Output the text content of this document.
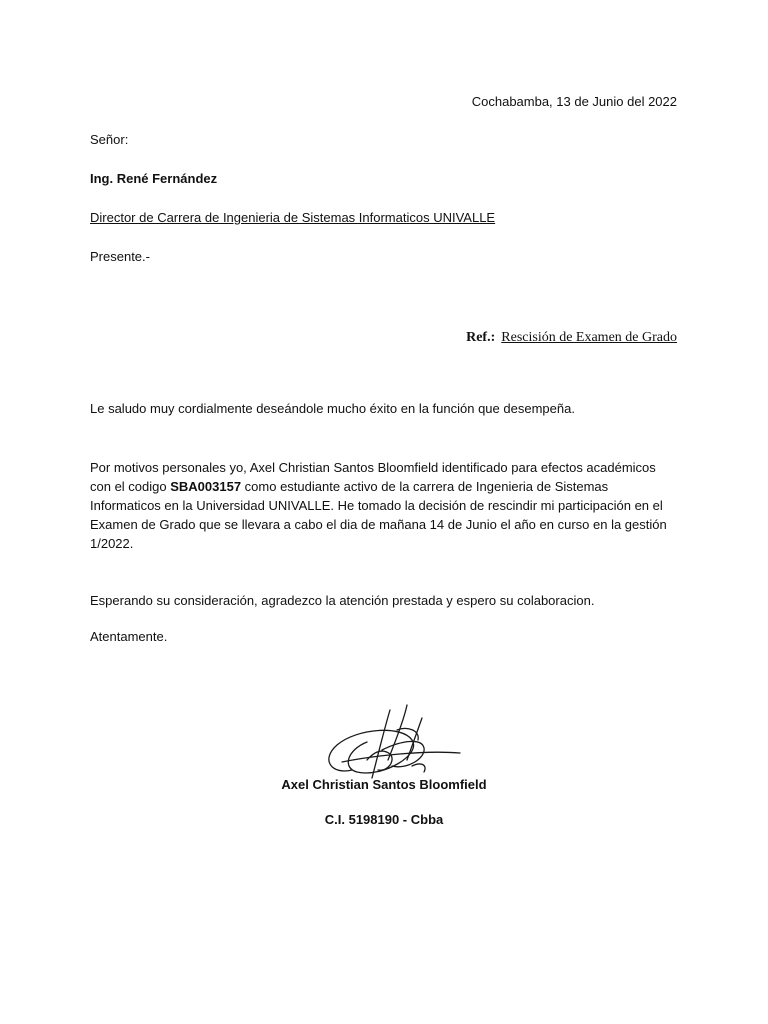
Cochabamba, 13 de Junio del 2022

Señor:

Ing. René Fernández

Director de Carrera de Ingenieria de Sistemas Informaticos UNIVALLE

Presente.-

Ref.: Rescisión de Examen de Grado

Le saludo muy cordialmente deseándole mucho éxito en la función que desempeña.

Por motivos personales yo, Axel Christian Santos Bloomfield identificado para efectos académicos con el codigo SBA003157 como estudiante activo de la carrera de Ingenieria de Sistemas Informaticos en la Universidad UNIVALLE. He tomado la decisión de rescindir mi participación en el Examen de Grado que se llevara a cabo el dia de mañana 14 de Junio el año en curso en la gestión 1/2022.

Esperando su consideración, agradezco la atención prestada y espero su colaboracion.

Atentamente.

Axel Christian Santos Bloomfield

C.I. 5198190 - Cbba
